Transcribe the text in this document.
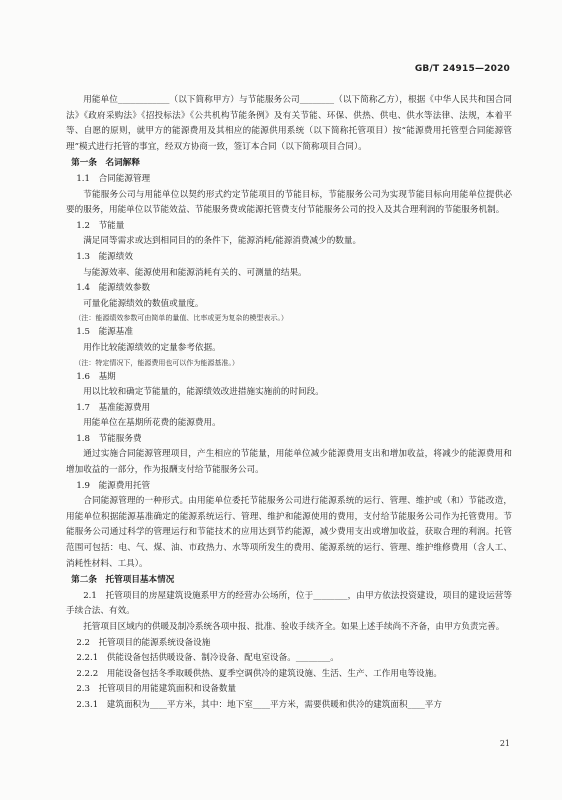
GB/T 24915—2020
用能单位____________（以下简称甲方）与节能服务公司________（以下简称乙方），根据《中华人民共和国合同法》《政府采购法》《招投标法》《公共机构节能条例》及有关节能、环保、供热、供电、供水等法律、法规，本着平等、自愿的原则，就甲方的能源费用及其相应的能源供用系统（以下简称托管项目）按“能源费用托管型合同能源管理”模式进行托管的事宜，经双方协商一致，签订本合同（以下简称项目合同）。
第一条　名词解释
1.1　合同能源管理
节能服务公司与用能单位以契约形式约定节能项目的节能目标，节能服务公司为实现节能目标向用能单位提供必要的服务，用能单位以节能效益、节能服务费或能源托管费支付节能服务公司的投入及其合理利润的节能服务机制。
1.2　节能量
满足同等需求或达到相同目的的条件下，能源消耗/能源消费减少的数量。
1.3　能源绩效
与能源效率、能源使用和能源消耗有关的、可测量的结果。
1.4　能源绩效参数
可量化能源绩效的数值或量度。
（注：能源绩效参数可由简单的量值、比率或更为复杂的模型表示。）
1.5　能源基准
用作比较能源绩效的定量参考依据。
（注：特定情况下，能源费用也可以作为能源基准。）
1.6　基期
用以比较和确定节能量的，能源绩效改进措施实施前的时间段。
1.7　基准能源费用
用能单位在基期所花费的能源费用。
1.8　节能服务费
通过实施合同能源管理项目，产生相应的节能量，用能单位减少能源费用支出和增加收益，将减少的能源费用和增加收益的一部分，作为报酬支付给节能服务公司。
1.9　能源费用托管
合同能源管理的一种形式。由用能单位委托节能服务公司进行能源系统的运行、管理、维护或（和）节能改造，用能单位积据能源基准确定的能源系统运行、管理、维护和能源使用的费用，支付给节能服务公司作为托管费用。节能服务公司通过科学的管理运行和节能技术的应用达到节约能源，减少费用支出或增加收益，获取合理的利润。托管范围可包括：电、气、煤、油、市政热力、水等项所发生的费用、能源系统的运行、管理、维护维修费用（含人工、消耗性材料、工具）。
第二条　托管项目基本情况
2.1　托管项目的房屋建筑设施系甲方的经营办公场所，位于________，由甲方依法投资建设，项目的建设运营等手续合法、有效。
托管项目区域内的供暖及制冷系统各项申报、批准、验收手续齐全。如果上述手续尚不齐备，由甲方负责完善。
2.2　托管项目的能源系统设备设施
2.2.1　供能设备包括供暖设备、制冷设备、配电室设备。________。
2.2.2　用能设备包括冬季取暖供热、夏季空调供冷的建筑设施、生活、生产、工作用电等设施。
2.3　托管项目的用能建筑面积和设备数量
2.3.1　建筑面积为____平方米，其中：地下室____平方米，需要供暖和供冷的建筑面积____平方
21
